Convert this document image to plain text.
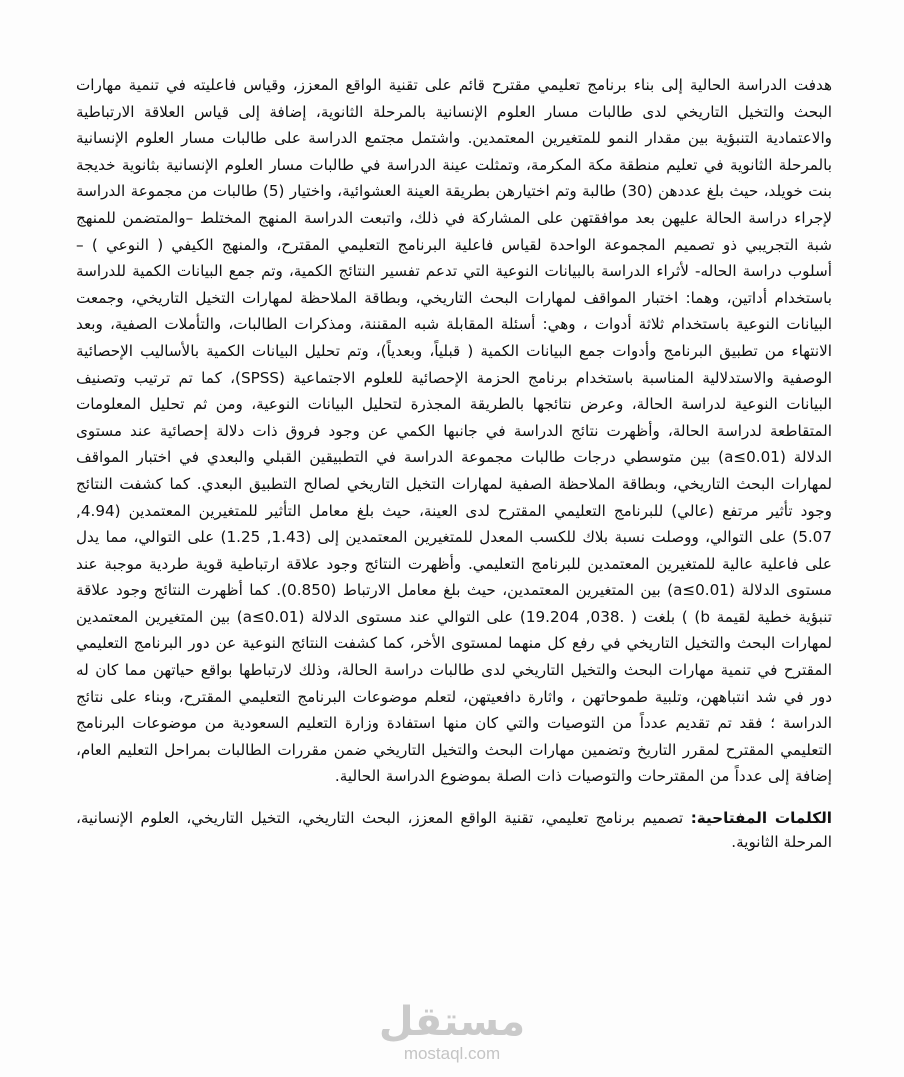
هدفت الدراسة الحالية إلى بناء برنامج تعليمي مقترح قائم على تقنية الواقع المعزز، وقياس فاعليته في تنمية مهارات البحث والتخيل التاريخي لدى طالبات مسار العلوم الإنسانية بالمرحلة الثانوية، إضافة إلى قياس العلاقة الارتباطية والاعتمادية التنبؤية بين مقدار النمو للمتغيرين المعتمدين. واشتمل مجتمع الدراسة على طالبات مسار العلوم الإنسانية بالمرحلة الثانوية في تعليم منطقة مكة المكرمة، وتمثلت عينة الدراسة في طالبات مسار العلوم الإنسانية بثانوية خديجة بنت خويلد، حيث بلغ عددهن (30) طالبة وتم اختيارهن بطريقة العينة العشوائية، واختيار (5) طالبات من مجموعة الدراسة لإجراء دراسة الحالة عليهن بعد موافقتهن على المشاركة في ذلك، واتبعت الدراسة المنهج المختلط –والمتضمن للمنهج شبة التجريبي ذو تصميم المجموعة الواحدة لقياس فاعلية البرنامج التعليمي المقترح، والمنهج الكيفي ( النوعي ) – أسلوب دراسة الحاله- لأثراء الدراسة بالبيانات النوعية التي تدعم تفسير النتائج الكمية، وتم جمع البيانات الكمية للدراسة باستخدام أداتين، وهما: اختبار المواقف لمهارات البحث التاريخي، وبطاقة الملاحظة لمهارات التخيل التاريخي، وجمعت البيانات النوعية باستخدام ثلاثة أدوات ، وهي: أسئلة المقابلة شبه المقننة، ومذكرات الطالبات، والتأملات الصفية، وبعد الانتهاء من تطبيق البرنامج وأدوات جمع البيانات الكمية ( قبلياً، وبعدياً)، وتم تحليل البيانات الكمية بالأساليب الإحصائية الوصفية والاستدلالية المناسبة باستخدام برنامج الحزمة الإحصائية للعلوم الاجتماعية (SPSS)، كما تم ترتيب وتصنيف البيانات النوعية لدراسة الحالة، وعرض نتائجها بالطريقة المجذرة لتحليل البيانات النوعية، ومن ثم تحليل المعلومات المتقاطعة لدراسة الحالة، وأظهرت نتائج الدراسة في جانبها الكمي عن وجود فروق ذات دلالة إحصائية عند مستوى الدلالة (a≤0.01) بين متوسطي درجات طالبات مجموعة الدراسة في التطبيقين القبلي والبعدي في اختبار المواقف لمهارات البحث التاريخي، وبطاقة الملاحظة الصفية لمهارات التخيل التاريخي لصالح التطبيق البعدي. كما كشفت النتائج وجود تأثير مرتفع (عالي) للبرنامج التعليمي المقترح لدى العينة، حيث بلغ معامل التأثير للمتغيرين المعتمدين (4.94, 5.07) على التوالي، ووصلت نسبة بلاك للكسب المعدل للمتغيرين المعتمدين إلى (1.43, 1.25) على التوالي، مما يدل على فاعلية عالية للمتغيرين المعتمدين للبرنامج التعليمي. وأظهرت النتائج وجود علاقة ارتباطية قوية طردية موجبة عند مستوى الدلالة (a≤0.01) بين المتغيرين المعتمدين، حيث بلغ معامل الارتباط (0.850). كما أظهرت النتائج وجود علاقة تنبؤية خطية لقيمة b) ) بلغت ( .038, 19.204) على التوالي عند مستوى الدلالة (a≤0.01) بين المتغيرين المعتمدين لمهارات البحث والتخيل التاريخي في رفع كل منهما لمستوى الأخر، كما كشفت النتائج النوعية عن دور البرنامج التعليمي المقترح في تنمية مهارات البحث والتخيل التاريخي لدى طالبات دراسة الحالة، وذلك لارتباطها بواقع حياتهن مما كان له دور في شد انتباههن، وتلبية طموحاتهن ، واثارة دافعيتهن، لتعلم موضوعات البرنامج التعليمي المقترح، وبناء على نتائج الدراسة ؛ فقد تم تقديم عدداً من التوصيات والتي كان منها استفادة وزارة التعليم السعودية من موضوعات البرنامج التعليمي المقترح لمقرر التاريخ وتضمين مهارات البحث والتخيل التاريخي ضمن مقررات الطالبات بمراحل التعليم العام، إضافة إلى عدداً من المقترحات والتوصيات ذات الصلة بموضوع الدراسة الحالية.

الكلمات المفتاحية: تصميم برنامج تعليمي، تقنية الواقع المعزز، البحث التاريخي، التخيل التاريخي، العلوم الإنسانية، المرحلة الثانوية.

مستقل
mostaql.com
